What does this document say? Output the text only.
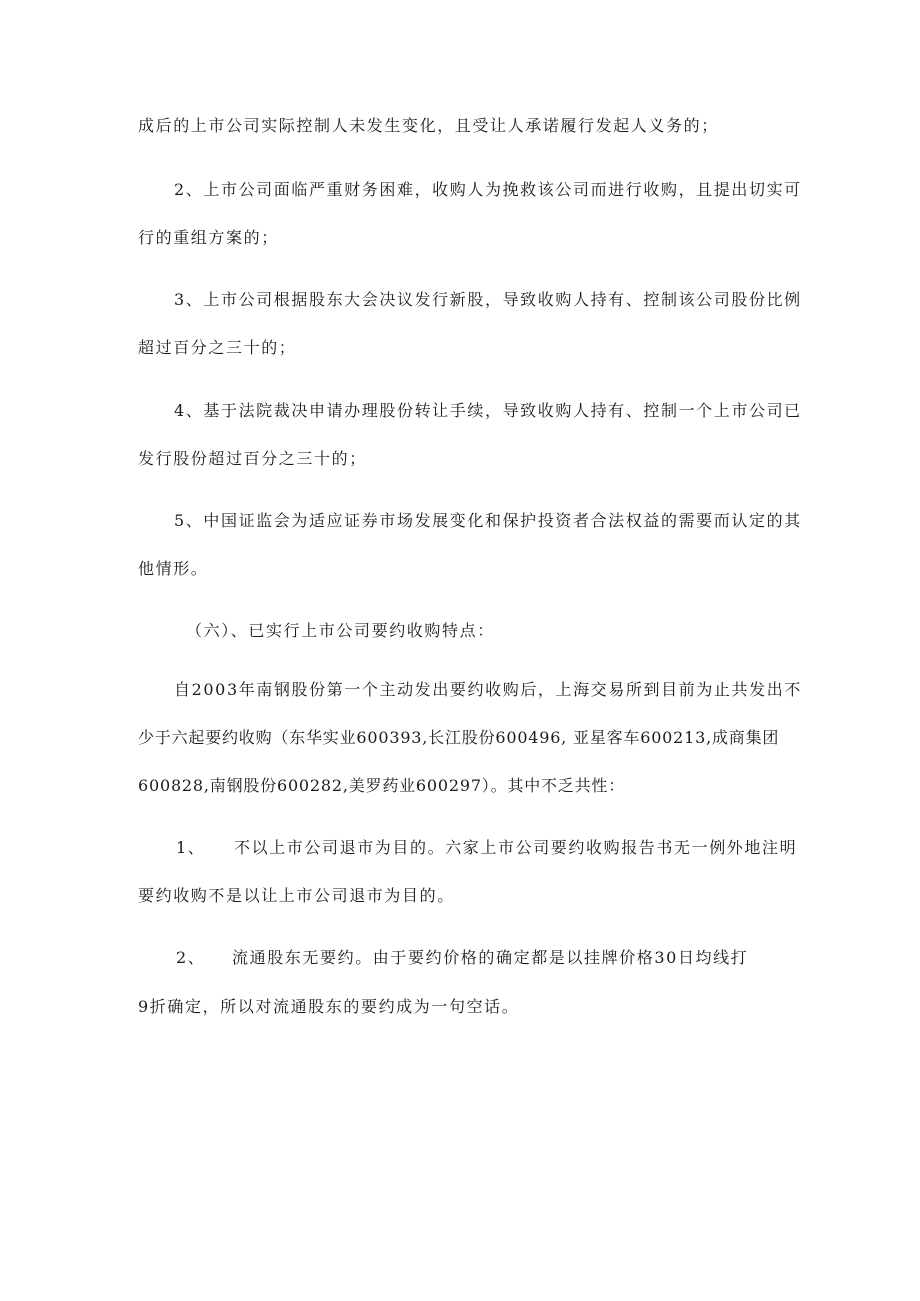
成后的上市公司实际控制人未发生变化，且受让人承诺履行发起人义务的；
2、上市公司面临严重财务困难，收购人为挽救该公司而进行收购，且提出切实可
行的重组方案的；
3、上市公司根据股东大会决议发行新股，导致收购人持有、控制该公司股份比例
超过百分之三十的；
4、基于法院裁决申请办理股份转让手续，导致收购人持有、控制一个上市公司已
发行股份超过百分之三十的；
5、中国证监会为适应证券市场发展变化和保护投资者合法权益的需要而认定的其
他情形。
（六）、已实行上市公司要约收购特点：
自2003年南钢股份第一个主动发出要约收购后，上海交易所到目前为止共发出不
少于六起要约收购（东华实业600393,长江股份600496, 亚星客车600213,成商集团
600828,南钢股份600282,美罗药业600297）。其中不乏共性：
1、 不以上市公司退市为目的。六家上市公司要约收购报告书无一例外地注明
要约收购不是以让上市公司退市为目的。
2、 流通股东无要约。由于要约价格的确定都是以挂牌价格30日均线打
9折确定，所以对流通股东的要约成为一句空话。
